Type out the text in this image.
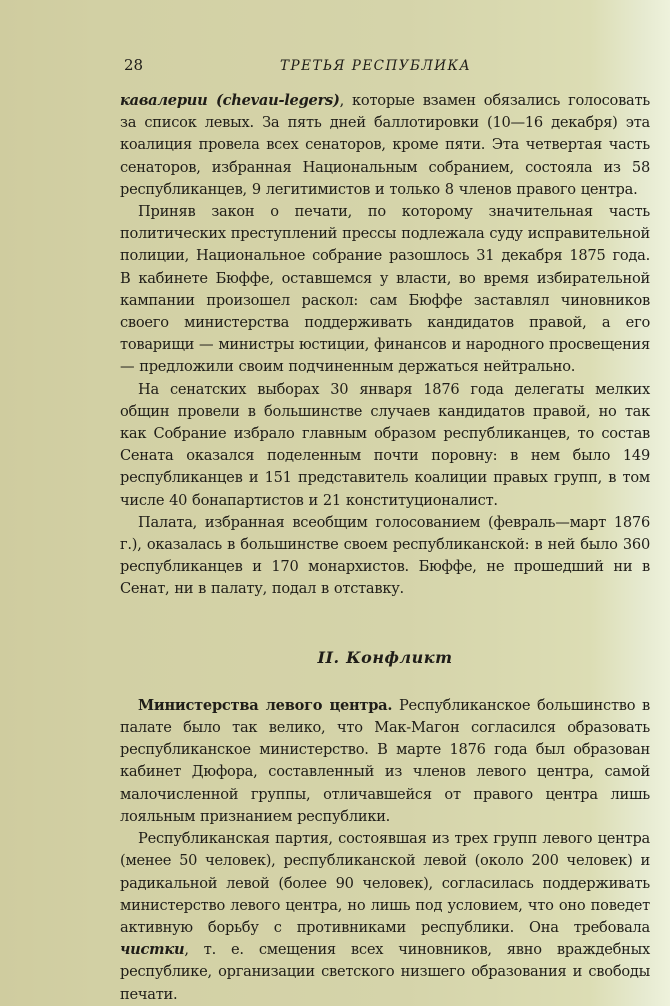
28	ТРЕТЬЯ РЕСПУБЛИКА

кавалерии (chevau-legers), которые взамен обязались голосовать за список левых. За пять дней баллотировки (10—16 декабря) эта коалиция провела всех сенаторов, кроме пяти. Эта четвертая часть сенаторов, избранная Национальным собранием, состояла из 58 республиканцев, 9 легитимистов и только 8 членов правого центра.

Приняв закон о печати, по которому значительная часть политических преступлений прессы подлежала суду исправительной полиции, Национальное собрание разошлось 31 декабря 1875 года. В кабинете Бюффе, оставшемся у власти, во время избирательной кампании произошел раскол: сам Бюффе заставлял чиновников своего министерства поддерживать кандидатов правой, а его товарищи — министры юстиции, финансов и народного просвещения — предложили своим подчиненным держаться нейтрально.

На сенатских выборах 30 января 1876 года делегаты мелких общин провели в большинстве случаев кандидатов правой, но так как Собрание избрало главным образом республиканцев, то состав Сената оказался поделенным почти поровну: в нем было 149 республиканцев и 151 представитель коалиции правых групп, в том числе 40 бонапартистов и 21 конституционалист.

Палата, избранная всеобщим голосованием (февраль—март 1876 г.), оказалась в большинстве своем республиканской: в ней было 360 республиканцев и 170 монархистов. Бюффе, не прошедший ни в Сенат, ни в палату, подал в отставку.

II. Конфликт

Министерства левого центра. Республиканское большинство в палате было так велико, что Мак-Магон согласился образовать республиканское министерство. В марте 1876 года был образован кабинет Дюфора, составленный из членов левого центра, самой малочисленной группы, отличавшейся от правого центра лишь лояльным признанием республики.

Республиканская партия, состоявшая из трех групп левого центра (менее 50 человек), республиканской левой (около 200 человек) и радикальной левой (более 90 человек), согласилась поддерживать министерство левого центра, но лишь под условием, что оно поведет активную борьбу с противниками республики. Она требовала чистки, т. е. смещения всех чиновников, явно враждебных республике, организации светского низшего образования и свободы печати.
